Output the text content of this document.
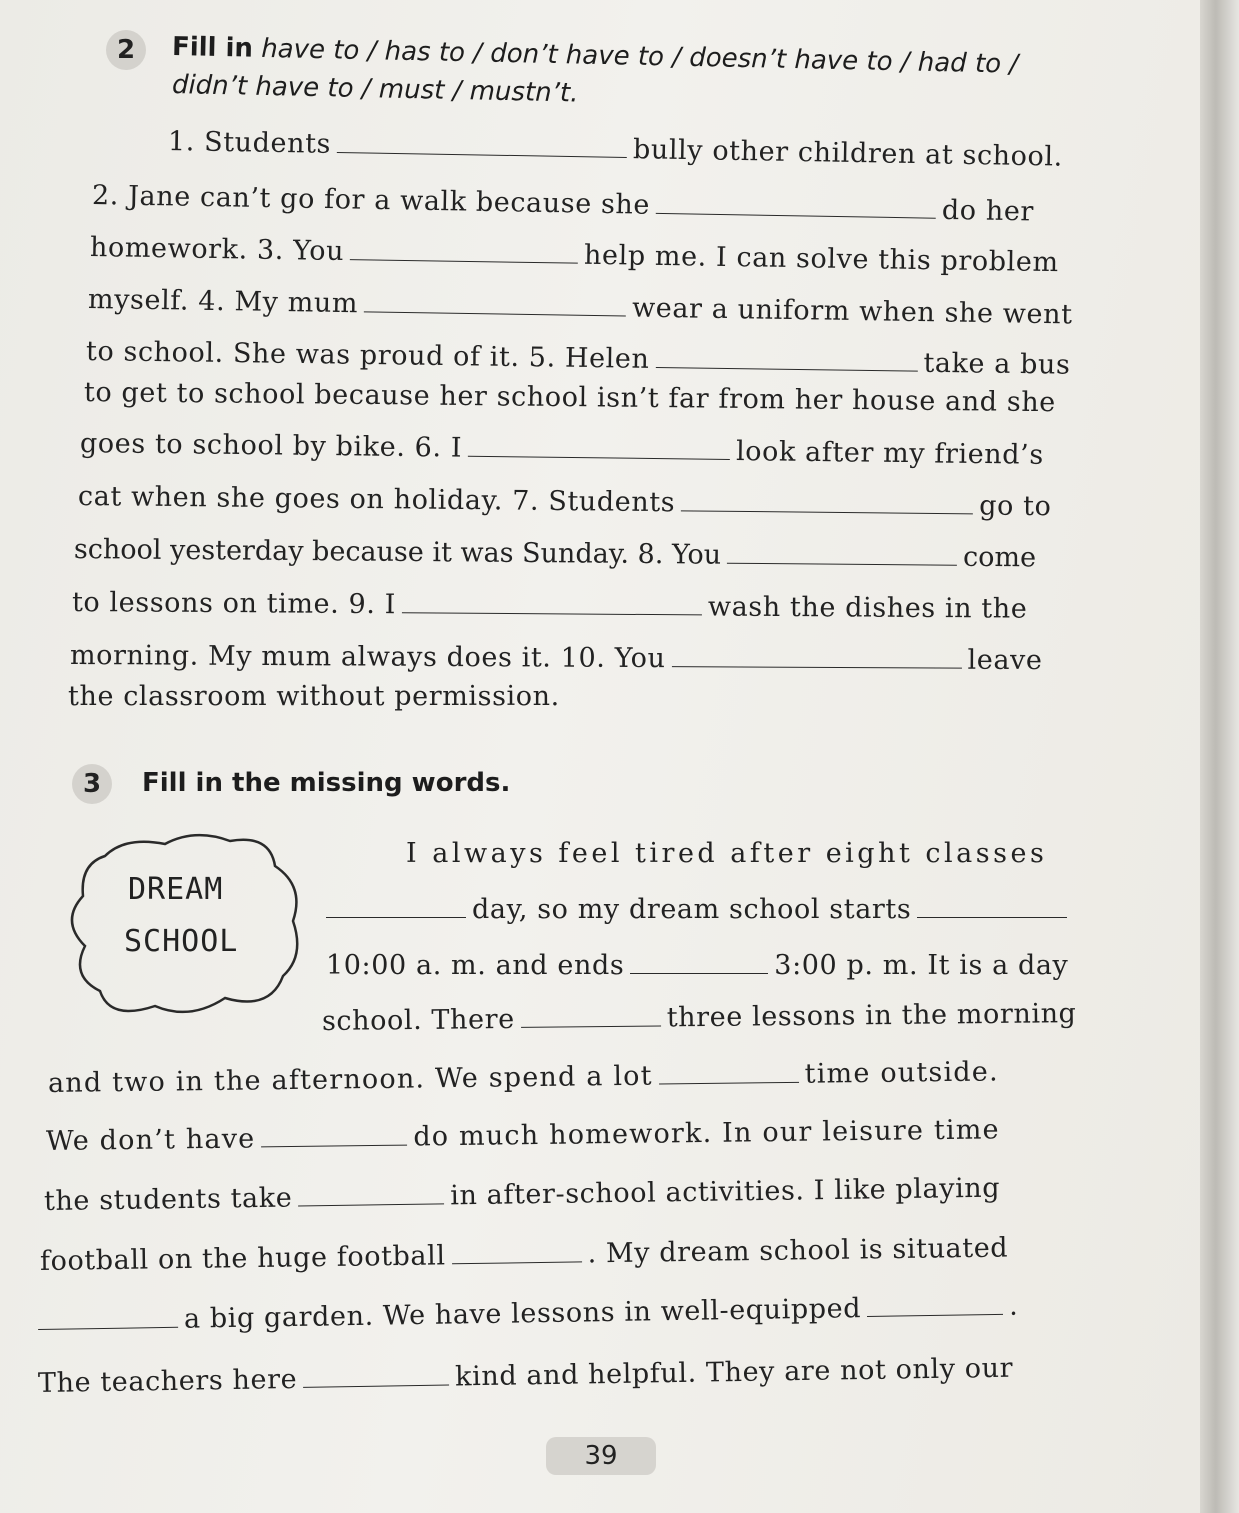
2	Fill in have to / has to / don’t have to / doesn’t have to / had to /
didn’t have to / must / mustn’t.
1. Students	bully other children at school.
2. Jane can’t go for a walk because she	do her
homework. 3. You	help me. I can solve this problem
myself. 4. My mum	wear a uniform when she went
to school. She was proud of it. 5. Helen	take a bus
to get to school because her school isn’t far from her house and she
goes to school by bike. 6. I	look after my friend’s
cat when she goes on holiday. 7. Students	go to
school yesterday because it was Sunday. 8. You	come
to lessons on time. 9. I	wash the dishes in the
morning. My mum always does it. 10. You	leave
the classroom without permission.
3	Fill in the missing words.
DREAM
SCHOOL
I always feel tired after eight classes
day, so my dream school starts
10:00 a. m. and ends	3:00 p. m. It is a day
school. There	three lessons in the morning
and two in the afternoon. We spend a lot	time outside.
We don’t have	do much homework. In our leisure time
the students take	in after-school activities. I like playing
football on the huge football	. My dream school is situated
a big garden. We have lessons in well-equipped	.
The teachers here	kind and helpful. They are not only our
39
